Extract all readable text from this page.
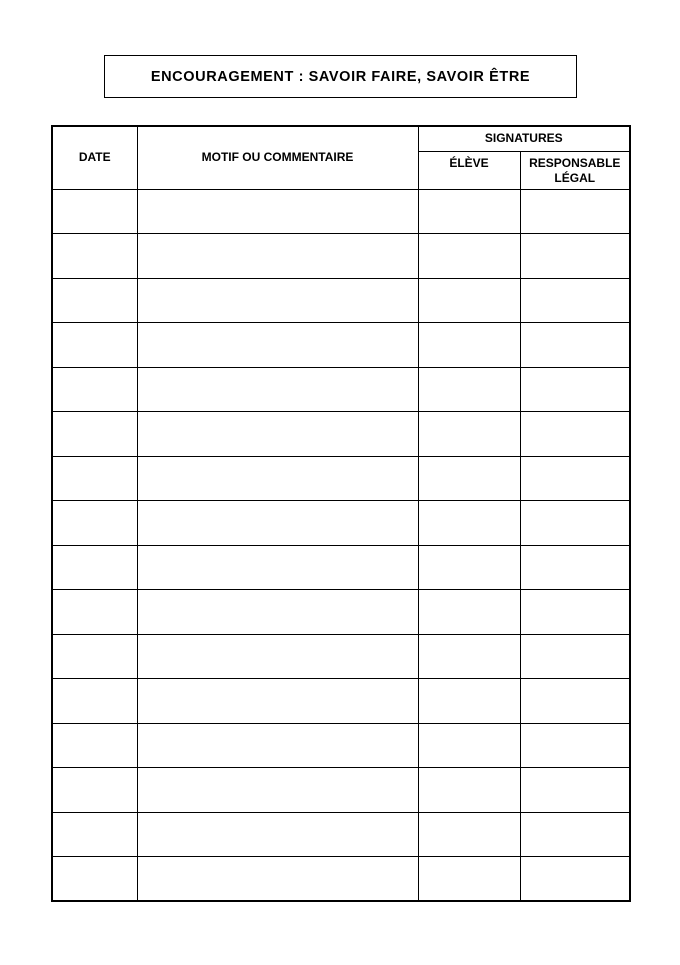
ENCOURAGEMENT : SAVOIR FAIRE, SAVOIR ÊTRE
DATE	MOTIF OU COMMENTAIRE	SIGNATURES	
		ÉLÈVE	RESPONSABLE
LÉGAL
